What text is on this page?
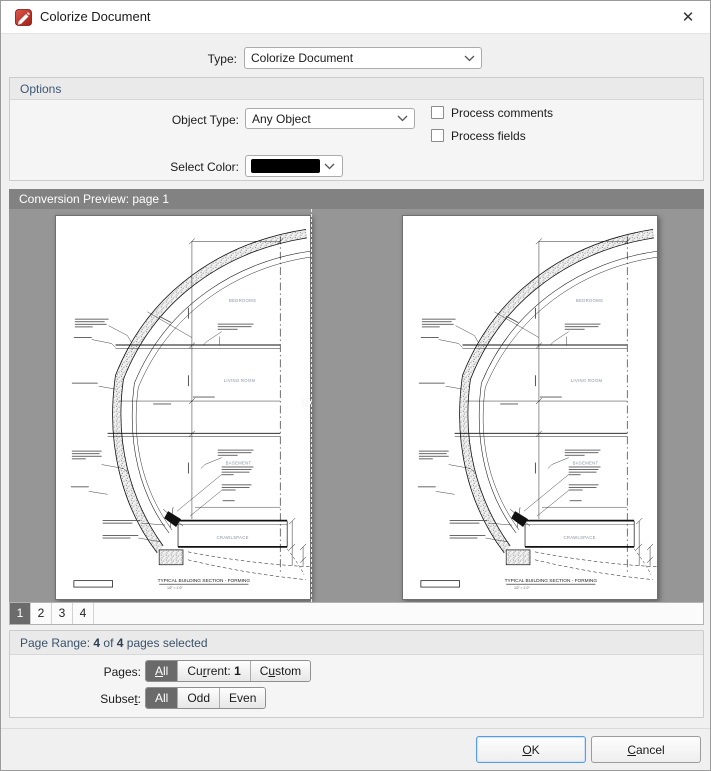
Colorize Document	✕
Type: Colorize Document
Options
Object Type: Any Object	Process comments
Process fields
Select Color:
Conversion Preview: page 1
»
1	2	3	4
Page Range: 4 of 4 pages selected
Pages:	All	Current: 1	Custom
Subset:	All	Odd	Even
OK	Cancel
